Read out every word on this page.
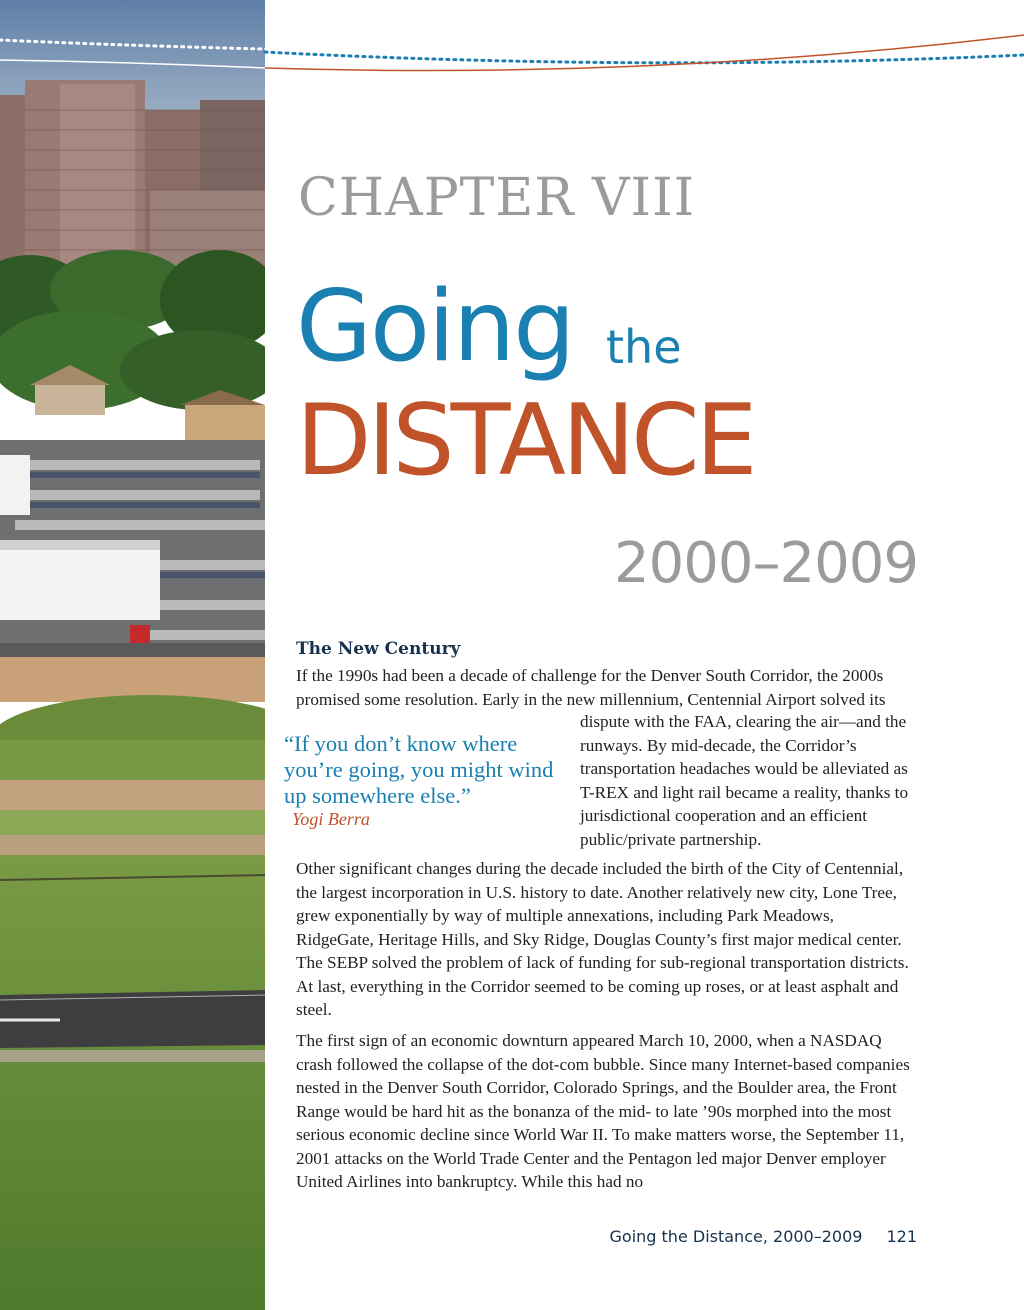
CHAPTER VIII
Going the
DISTANCE
2000–2009
The New Century

If the 1990s had been a decade of challenge for the Denver South Corridor, the 2000s promised some resolution. Early in the new millennium, Centennial Airport solved its

dispute with the FAA, clearing the air—and the runways. By mid-decade, the Corridor’s transportation headaches would be alleviated as T-REX and light rail became a reality, thanks to jurisdictional cooperation and an efficient public/private partnership.

“If you don’t know where you’re going, you might wind up somewhere else.”
Yogi Berra

Other significant changes during the decade included the birth of the City of Centennial, the largest incorporation in U.S. history to date. Another relatively new city, Lone Tree, grew exponentially by way of multiple annexations, including Park Meadows, RidgeGate, Heritage Hills, and Sky Ridge, Douglas County’s first major medical center. The SEBP solved the problem of lack of funding for sub-regional transportation districts. At last, everything in the Corridor seemed to be coming up roses, or at least asphalt and steel.

The first sign of an economic downturn appeared March 10, 2000, when a NASDAQ crash followed the collapse of the dot-com bubble. Since many Internet-based companies nested in the Denver South Corridor, Colorado Springs, and the Boulder area, the Front Range would be hard hit as the bonanza of the mid- to late ’90s morphed into the most serious economic decline since World War II. To make matters worse, the September 11, 2001 attacks on the World Trade Center and the Pentagon led major Denver employer United Airlines into bankruptcy. While this had no

Going the Distance, 2000–2009 121
